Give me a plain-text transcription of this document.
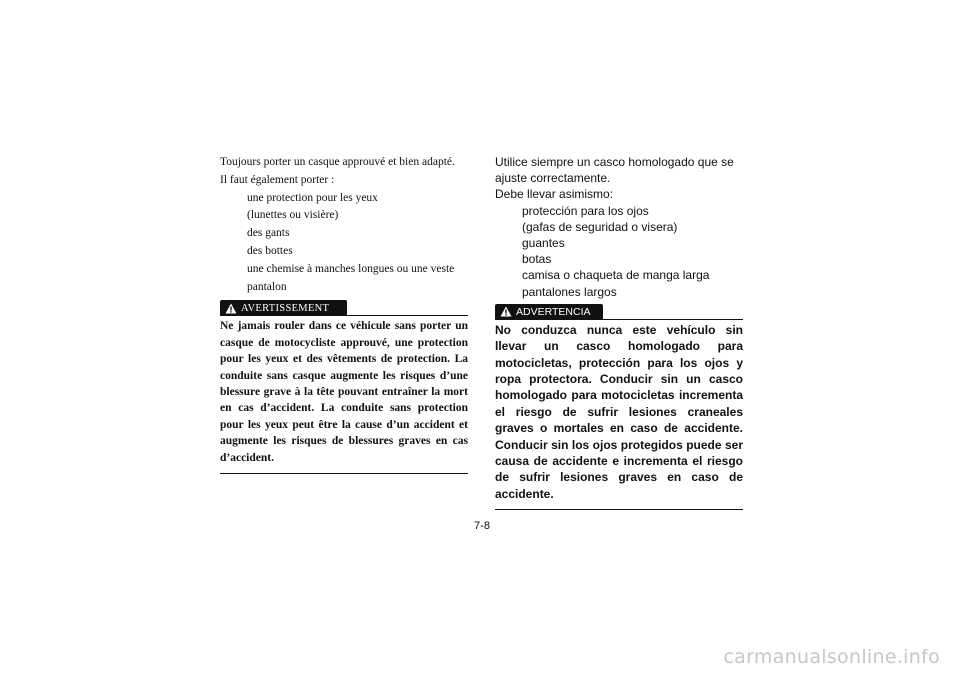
Toujours porter un casque approuvé et bien adapté.

Il faut également porter :

une protection pour les yeux

(lunettes ou visière)

des gants

des bottes

une chemise à manches longues ou une veste

pantalon

AVERTISSEMENT

Ne jamais rouler dans ce véhicule sans porter un casque de motocycliste approuvé, une protection pour les yeux et des vêtements de protection. La conduite sans casque augmente les risques d’une blessure grave à la tête pouvant entraîner la mort en cas d’accident. La conduite sans protection pour les yeux peut être la cause d’un accident et augmente les risques de blessures graves en cas d’accident.

Utilice siempre un casco homologado que se ajuste correctamente.

Debe llevar asimismo:

protección para los ojos

(gafas de seguridad o visera)

guantes

botas

camisa o chaqueta de manga larga

pantalones largos

ADVERTENCIA

No conduzca nunca este vehículo sin llevar un casco homologado para motocicletas, protección para los ojos y ropa protectora. Conducir sin un casco homologado para motocicletas incrementa el riesgo de sufrir lesiones craneales graves o mortales en caso de accidente. Conducir sin los ojos protegidos puede ser causa de accidente e incrementa el riesgo de sufrir lesiones graves en caso de accidente.

7-8
carmanualsonline.info
